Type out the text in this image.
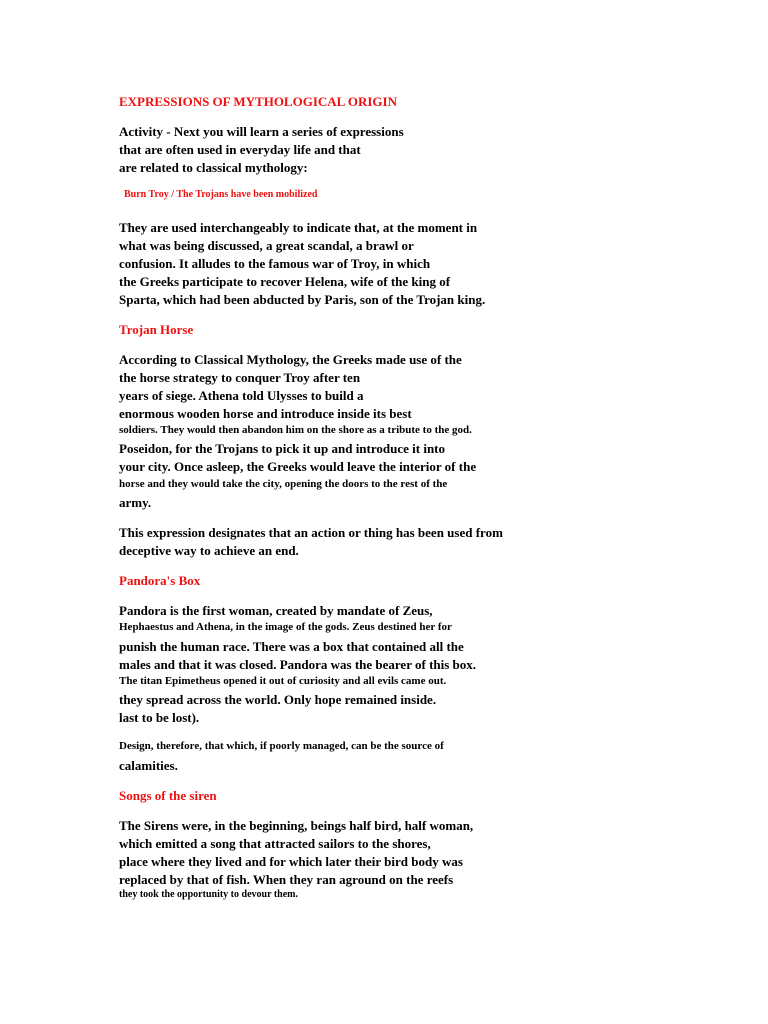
EXPRESSIONS OF MYTHOLOGICAL ORIGIN
Activity - Next you will learn a series of expressions
that are often used in everyday life and that
are related to classical mythology:
Burn Troy / The Trojans have been mobilized
They are used interchangeably to indicate that, at the moment in
what was being discussed, a great scandal, a brawl or
confusion. It alludes to the famous war of Troy, in which
the Greeks participate to recover Helena, wife of the king of
Sparta, which had been abducted by Paris, son of the Trojan king.
Trojan Horse
According to Classical Mythology, the Greeks made use of the
the horse strategy to conquer Troy after ten
years of siege. Athena told Ulysses to build a
enormous wooden horse and introduce inside its best
soldiers. They would then abandon him on the shore as a tribute to the god.
Poseidon, for the Trojans to pick it up and introduce it into
your city. Once asleep, the Greeks would leave the interior of the
horse and they would take the city, opening the doors to the rest of the
army.
This expression designates that an action or thing has been used from
deceptive way to achieve an end.
Pandora's Box
Pandora is the first woman, created by mandate of Zeus,
Hephaestus and Athena, in the image of the gods. Zeus destined her for
punish the human race. There was a box that contained all the
males and that it was closed. Pandora was the bearer of this box.
The titan Epimetheus opened it out of curiosity and all evils came out.
they spread across the world. Only hope remained inside.
last to be lost).
Design, therefore, that which, if poorly managed, can be the source of
calamities.
Songs of the siren
The Sirens were, in the beginning, beings half bird, half woman,
which emitted a song that attracted sailors to the shores,
place where they lived and for which later their bird body was
replaced by that of fish. When they ran aground on the reefs
they took the opportunity to devour them.
